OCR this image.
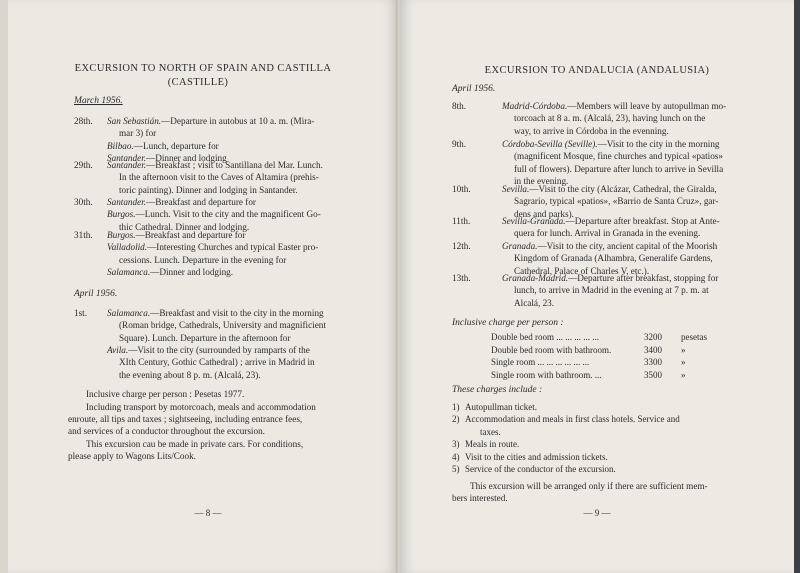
EXCURSION TO NORTH OF SPAIN AND CASTILLA
(CASTILLE)
March 1956.
28th. San Sebastián.—Departure in autobus at 10 a. m. (Mira-
mar 3) for
Bilbao.—Lunch, departure for
Santander.—Dinner and lodging
29th. Santander.—Breakfast ; visit to Santillana del Mar. Lunch.
In the afternoon visit to the Caves of Altamira (prehis-
toric painting). Dinner and lodging in Santander.
30th. Santander.—Breakfast and departure for
Burgos.—Lunch. Visit to the city and the magnificent Go-
thic Cathedral. Dinner and lodging.
31th. Burgos.—Breakfast and departure for
Valladolid.—Interesting Churches and typical Easter pro-
cessions. Lunch. Departure in the evening for
Salamanca.—Dinner and lodging.
April 1956.
1st. Salamanca.—Breakfast and visit to the city in the morning
(Roman bridge, Cathedrals, University and magnificient
Square). Lunch. Departure in the afternoon for
Avila.—Visit to the city (surrounded by ramparts of the
XIth Century, Gothic Cathedral) ; arrive in Madrid in
the evening about 8 p. m. (Alcalá, 23).
Inclusive charge per person : Pesetas 1977.
Including transport by motorcoach, meals and accommodation
enroute, all tips and taxes ; sightseeing, including entrance fees,
and services of a conductor throughout the excursion.
This excursion cau be made in private cars. For conditions,
please apply to Wagons Lits/Cook.
— 8 —
EXCURSION TO ANDALUCIA (ANDALUSIA)
April 1956.
8th.	Madrid-Córdoba.—Members will leave by autopullman mo-
torcoach at 8 a. m. (Alcalá, 23), having lunch on the
way, to arrive in Córdoba in the evenning.
9th.	Córdoba-Sevilla (Seville).—Visit to the city in the morning
(magnificent Mosque, fine churches and typical «patios»
full of flowers). Departure after lunch to arrive in Sevilla
in the evening.
10th.	Sevilla.—Visit to the city (Alcázar, Cathedral, the Giralda,
Sagrario, typical «patios», «Barrio de Santa Cruz», gar-
dens and parks).
11th.	Sevilla-Granada.—Departure after breakfast. Stop at Ante-
quera for lunch. Arrival in Granada in the evening.
12th.	Granada.—Visit to the city, ancient capital of the Moorish
Kingdom of Granada (Alhambra, Generalife Gardens,
Cathedral, Palace of Charles V, etc.).
13th.	Granada-Madrid.—Departure after breakfast, stopping for
lunch, to arrive in Madrid in the evening at 7 p. m. at
Alcalá, 23.
Inclusive charge per person :
Double bed room ... ... ... ... ...	3200	pesetas
Double bed room with bathroom.	3400	»
Single room ... ... ... ... ... ...	3300	»
Single room with bathroom. ...	3500	»
These charges include :
1) Autopullman ticket.
2) Accommodation and meals in first class hotels. Service and
taxes.
3) Meals in route.
4) Visit to the cities and admission tickets.
5) Service of the conductor of the excursion.
This excursion will be arranged only if there are sufficient mem-
bers interested.
— 9 —
